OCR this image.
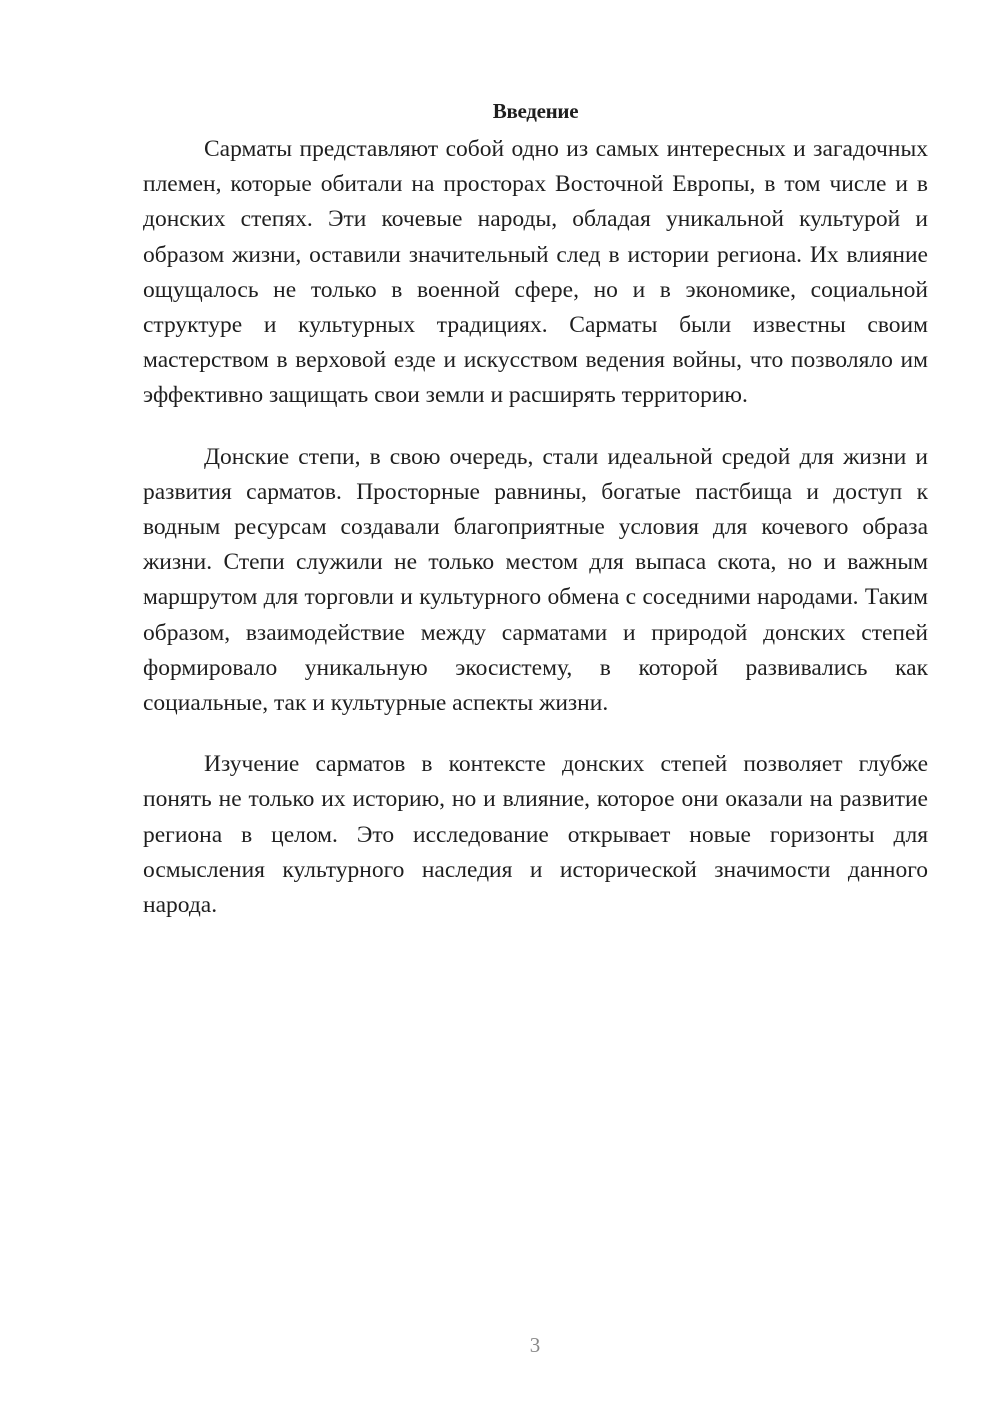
Введение

Сарматы представляют собой одно из самых интересных и загадочных племен, которые обитали на просторах Восточной Европы, в том числе и в донских степях. Эти кочевые народы, обладая уникальной культурой и образом жизни, оставили значительный след в истории региона. Их влияние ощущалось не только в военной сфере, но и в экономике, социальной структуре и культурных традициях. Сарматы были известны своим мастерством в верховой езде и искусством ведения войны, что позволяло им эффективно защищать свои земли и расширять территорию.

Донские степи, в свою очередь, стали идеальной средой для жизни и развития сарматов. Просторные равнины, богатые пастбища и доступ к водным ресурсам создавали благоприятные условия для кочевого образа жизни. Степи служили не только местом для выпаса скота, но и важным маршрутом для торговли и культурного обмена с соседними народами. Таким образом, взаимодействие между сарматами и природой донских степей формировало уникальную экосистему, в которой развивались как социальные, так и культурные аспекты жизни.

Изучение сарматов в контексте донских степей позволяет глубже понять не только их историю, но и влияние, которое они оказали на развитие региона в целом. Это исследование открывает новые горизонты для осмысления культурного наследия и исторической значимости данного народа.

3
